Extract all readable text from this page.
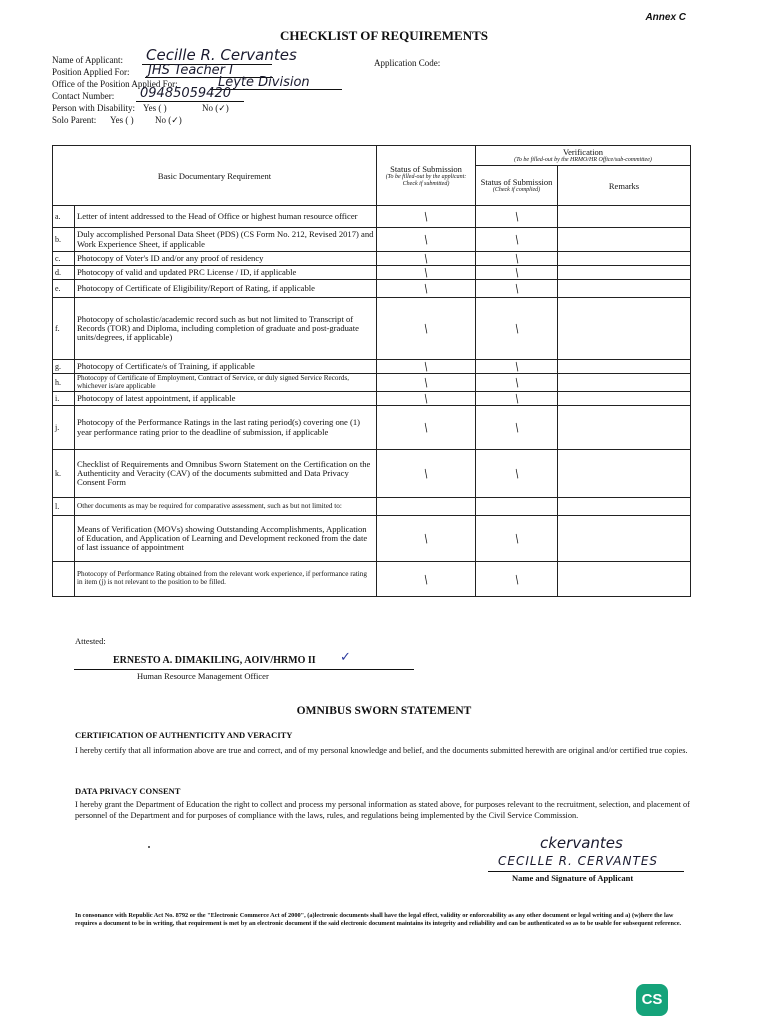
Annex C
CHECKLIST OF REQUIREMENTS
Name of Applicant: Cecille R. Cervantes
Position Applied For: JHS Teacher I
Office of the Position Applied For:	Leyte Division
Contact Number: 09485059420
Person with Disability: Yes ( )	No (✓)
Solo Parent: Yes ( ) No (✓)
Application Code:
Basic Documentary Requirement		Status of Submission
(To be filled-out by the applicant: Check if submitted)	Verification
(To be filled-out by the HRMO/HR Office/sub-committee)	

			Status of Submission
(Check if complied)	Remarks
a.	Letter of intent addressed to the Head of Office or highest human resource officer	/	/	
b.	Duly accomplished Personal Data Sheet (PDS) (CS Form No. 212, Revised 2017) and Work Experience Sheet, if applicable	/	/	
c.	Photocopy of Voter's ID and/or any proof of residency	/	/	
d.	Photocopy of valid and updated PRC License / ID, if applicable	/	/	
e.	Photocopy of Certificate of Eligibility/Report of Rating, if applicable	/	/	
f.	Photocopy of scholastic/academic record such as but not limited to Transcript of Records (TOR) and Diploma, including completion of graduate and post-graduate units/degrees, if applicable)	/	/	
g.	Photocopy of Certificate/s of Training, if applicable	/	/	
h.	Photocopy of Certificate of Employment, Contract of Service, or duly signed Service Records, whichever is/are applicable	/	/	
i.	Photocopy of latest appointment, if applicable	/	/	
j.	Photocopy of the Performance Ratings in the last rating period(s) covering one (1) year performance rating prior to the deadline of submission, if applicable	/	/	
k.	Checklist of Requirements and Omnibus Sworn Statement on the Certification on the Authenticity and Veracity (CAV) of the documents submitted and Data Privacy Consent Form	/	/	
l.	Other documents as may be required for comparative assessment, such as but not limited to:			
	Means of Verification (MOVs) showing Outstanding Accomplishments, Application of Education, and Application of Learning and Development reckoned from the date of last issuance of appointment	/	/	
	Photocopy of Performance Rating obtained from the relevant work experience, if performance rating in item (j) is not relevant to the position to be filled.	/	/	
Attested:
ERNESTO A. DIMAKILING, AOIV/HRMO II ✓
Human Resource Management Officer
OMNIBUS SWORN STATEMENT
CERTIFICATION OF AUTHENTICITY AND VERACITY
I hereby certify that all information above are true and correct, and of my personal knowledge and belief, and the documents submitted herewith are original and/or certified true copies.
DATA PRIVACY CONSENT
I hereby grant the Department of Education the right to collect and process my personal information as stated above, for purposes relevant to the recruitment, selection, and placement of personnel of the Department and for purposes of compliance with the laws, rules, and regulations being implemented by the Civil Service Commission.
ckervantes
CECILLE R. CERVANTES
Name and Signature of Applicant
In consonance with Republic Act No. 8792 or the "Electronic Commerce Act of 2000", (a)lectronic documents shall have the legal effect, validity or enforceability as any other document or legal writing and a) (w)here the law requires a document to be in writing, that requirement is met by an electronic document if the said electronic document maintains its integrity and reliability and can be authenticated so as to be usable for subsequent reference.
CS
